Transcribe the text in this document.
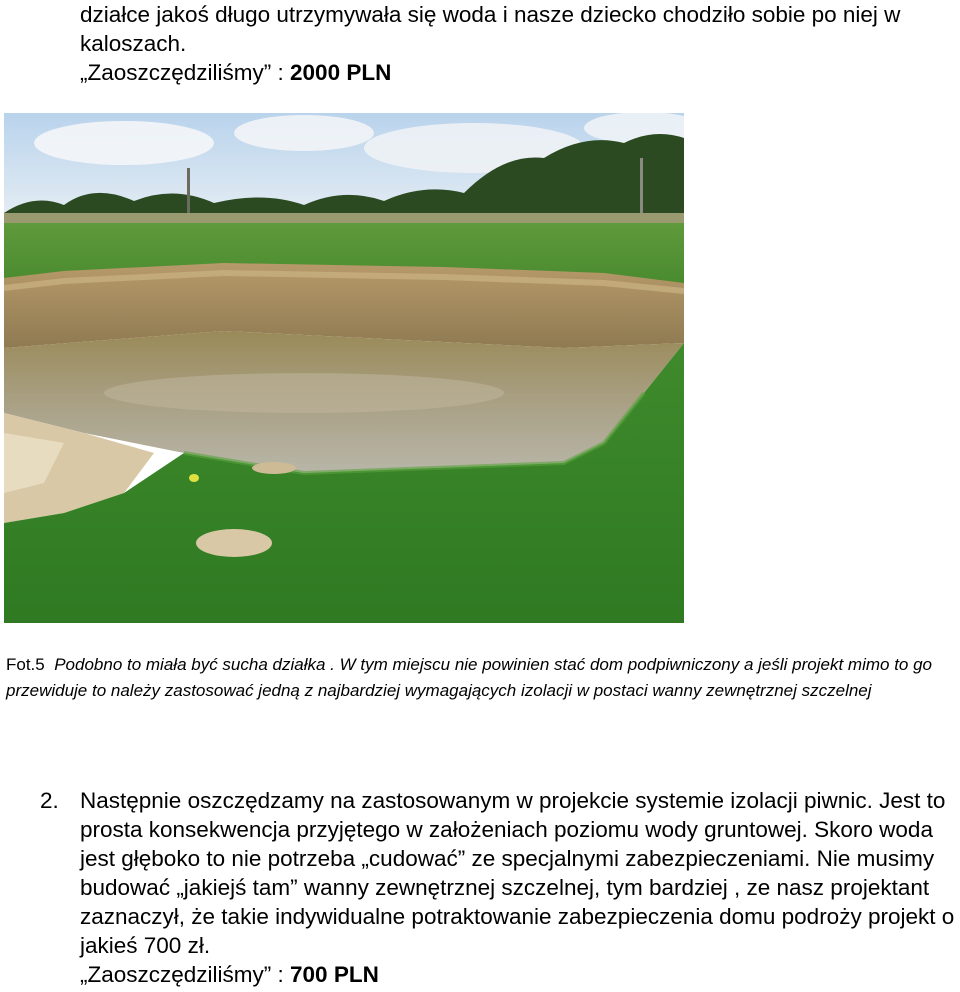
działce jakoś długo utrzymywała się woda i nasze dziecko chodziło sobie po niej w kaloszach.
„Zaoszczędziliśmy” : 2000 PLN
Fot.5 Podobno to miała być sucha działka . W tym miejscu nie powinien stać dom podpiwniczony a jeśli projekt mimo to go przewiduje to należy zastosować jedną z najbardziej wymagających izolacji w postaci wanny zewnętrznej szczelnej
2. Następnie oszczędzamy na zastosowanym w projekcie systemie izolacji piwnic. Jest to prosta konsekwencja przyjętego w założeniach poziomu wody gruntowej. Skoro woda jest głęboko to nie potrzeba „cudować” ze specjalnymi zabezpieczeniami. Nie musimy budować „jakiejś tam” wanny zewnętrznej szczelnej, tym bardziej , ze nasz projektant zaznaczył, że takie indywidualne potraktowanie zabezpieczenia domu podroży projekt o jakieś 700 zł.
„Zaoszczędziliśmy” : 700 PLN
